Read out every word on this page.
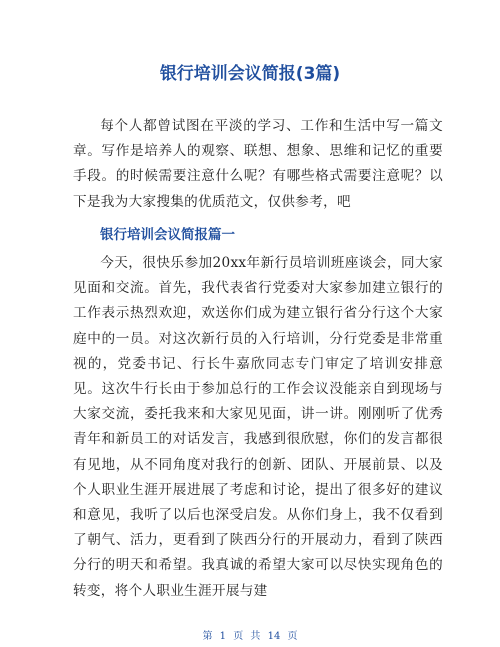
银行培训会议简报(3篇)

每个人都曾试图在平淡的学习、工作和生活中写一篇文章。写作是培养人的观察、联想、想象、思维和记忆的重要手段。的时候需要注意什么呢？有哪些格式需要注意呢？以下是我为大家搜集的优质范文，仅供参考，吧

银行培训会议简报篇一

今天，很快乐参加20xx年新行员培训班座谈会，同大家见面和交流。首先，我代表省行党委对大家参加建立银行的工作表示热烈欢迎，欢送你们成为建立银行省分行这个大家庭中的一员。对这次新行员的入行培训，分行党委是非常重视的，党委书记、行长牛嘉欣同志专门审定了培训安排意见。这次牛行长由于参加总行的工作会议没能亲自到现场与大家交流，委托我来和大家见见面，讲一讲。刚刚听了优秀青年和新员工的对话发言，我感到很欣慰，你们的发言都很有见地，从不同角度对我行的创新、团队、开展前景、以及个人职业生涯开展进展了考虑和讨论，提出了很多好的建议和意见，我听了以后也深受启发。从你们身上，我不仅看到了朝气、活力，更看到了陕西分行的开展动力，看到了陕西分行的明天和希望。我真诚的希望大家可以尽快实现角色的转变，将个人职业生涯开展与建

第 1 页 共 14 页
